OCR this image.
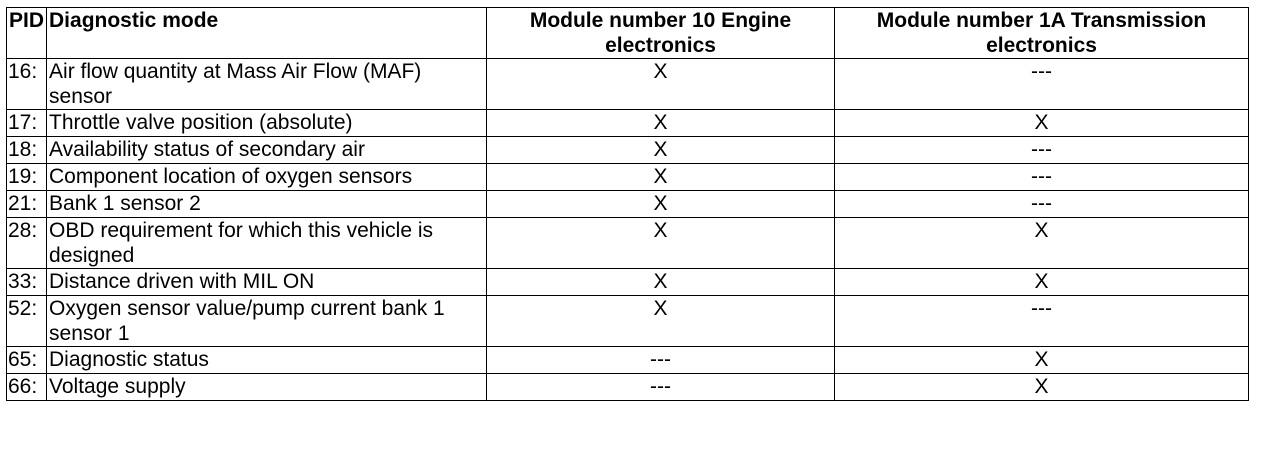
PID	Diagnostic mode	Module number 10 Engine electronics	Module number 1A Transmission electronics
16:	Air flow quantity at Mass Air Flow (MAF) sensor	X	---
17:	Throttle valve position (absolute)	X	X
18:	Availability status of secondary air	X	---
19:	Component location of oxygen sensors	X	---
21:	Bank 1 sensor 2	X	---
28:	OBD requirement for which this vehicle is designed	X	X
33:	Distance driven with MIL ON	X	X
52:	Oxygen sensor value/pump current bank 1 sensor 1	X	---
65:	Diagnostic status	---	X
66:	Voltage supply	---	X
